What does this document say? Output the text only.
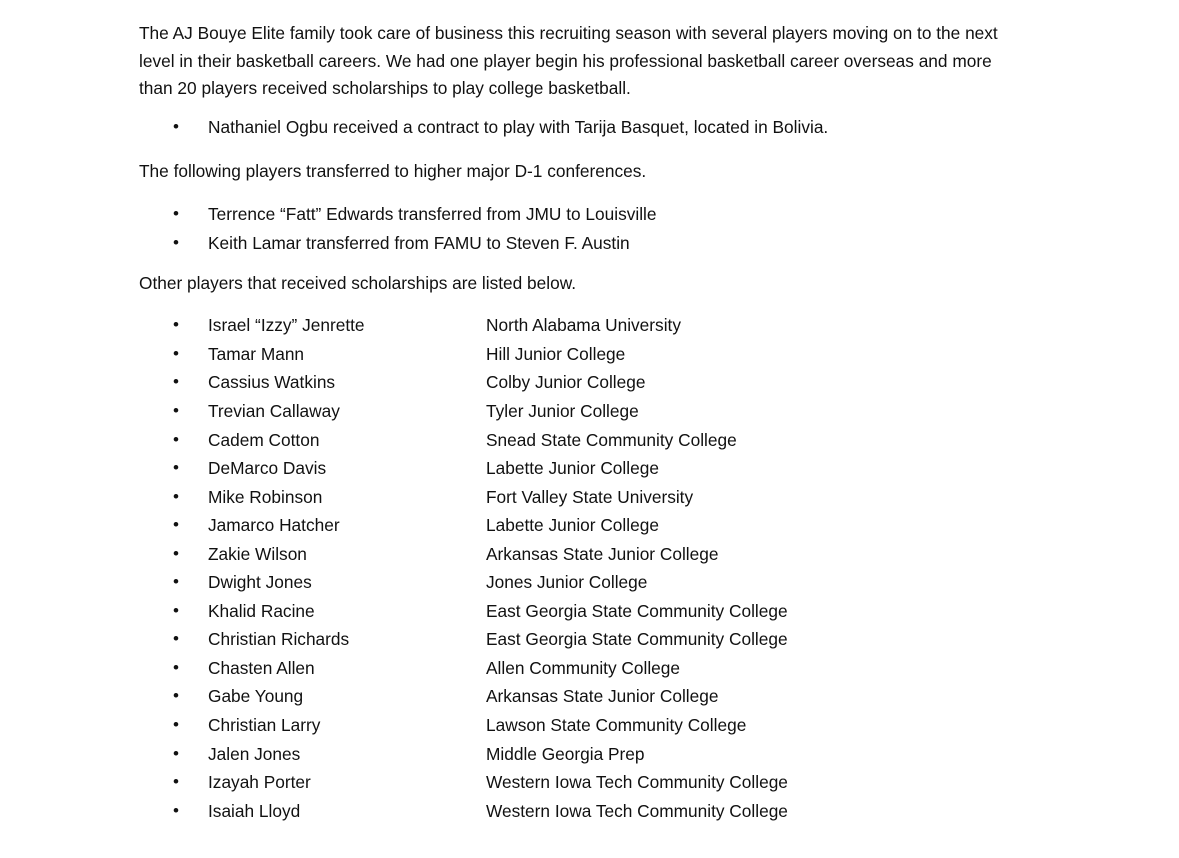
The AJ Bouye Elite family took care of business this recruiting season with several players moving on to the next level in their basketball careers. We had one player begin his professional basketball career overseas and more than 20 players received scholarships to play college basketball.

• Nathaniel Ogbu received a contract to play with Tarija Basquet, located in Bolivia.

The following players transferred to higher major D-1 conferences.

• Terrence “Fatt” Edwards transferred from JMU to Louisville
• Keith Lamar transferred from FAMU to Steven F. Austin

Other players that received scholarships are listed below.

• Israel “Izzy” Jenrette	North Alabama University
• Tamar Mann	Hill Junior College
• Cassius Watkins	Colby Junior College
• Trevian Callaway	Tyler Junior College
• Cadem Cotton	Snead State Community College
• DeMarco Davis	Labette Junior College
• Mike Robinson	Fort Valley State University
• Jamarco Hatcher	Labette Junior College
• Zakie Wilson	Arkansas State Junior College
• Dwight Jones	Jones Junior College
• Khalid Racine	East Georgia State Community College
• Christian Richards	East Georgia State Community College
• Chasten Allen	Allen Community College
• Gabe Young	Arkansas State Junior College
• Christian Larry	Lawson State Community College
• Jalen Jones	Middle Georgia Prep
• Izayah Porter	Western Iowa Tech Community College
• Isaiah Lloyd	Western Iowa Tech Community College
